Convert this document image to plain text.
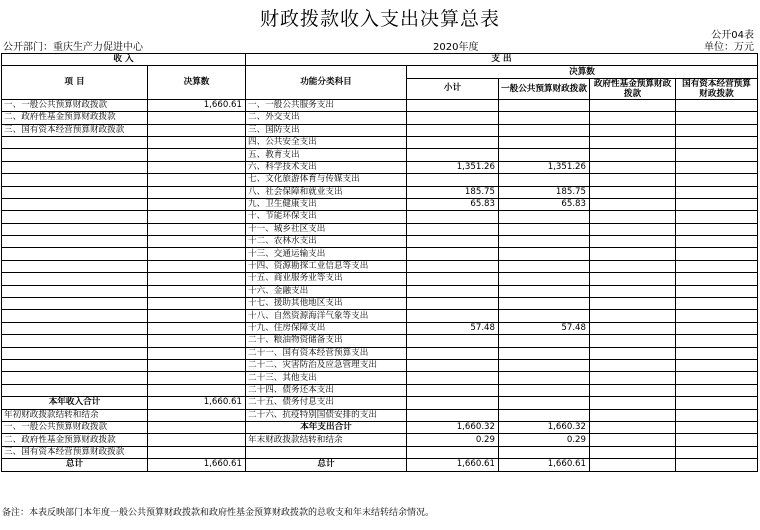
财政拨款收入支出决算总表
公开04表
公开部门：重庆生产力促进中心	2020年度	单位：万元
收 入		支 出				
项 目	决算数	功能分类科目	决算数			
			小计	一般公共预算财政拨款	政府性基金预算财政拨款	国有资本经营预算财政拨款

一、一般公共预算财政拨款	1,660.61	一、一般公共服务支出				
二、政府性基金预算财政拨款		二、外交支出				
三、国有资本经营预算财政拨款		三、国防支出				
		四、公共安全支出				
		五、教育支出				
		六、科学技术支出	1,351.26	1,351.26		
		七、文化旅游体育与传媒支出				
		八、社会保障和就业支出	185.75	185.75		
		九、卫生健康支出	65.83	65.83		
		十、节能环保支出				
		十一、城乡社区支出				
		十二、农林水支出				
		十三、交通运输支出				
		十四、资源勘探工业信息等支出				
		十五、商业服务业等支出				
		十六、金融支出				
		十七、援助其他地区支出				
		十八、自然资源海洋气象等支出				
		十九、住房保障支出	57.48	57.48		
		二十、粮油物资储备支出				
		二十一、国有资本经营预算支出				
		二十二、灾害防治及应急管理支出				
		二十三、其他支出				
		二十四、债务还本支出				
本年收入合计	1,660.61	二十五、债务付息支出				
年初财政拨款结转和结余		二十六、抗疫特别国债安排的支出				
一、一般公共预算财政拨款		本年支出合计	1,660.32	1,660.32		
二、政府性基金预算财政拨款		年末财政拨款结转和结余	0.29	0.29		
三、国有资本经营预算财政拨款						
总计	1,660.61	总计	1,660.61	1,660.61		
备注：本表反映部门本年度一般公共预算财政拨款和政府性基金预算财政拨款的总收支和年末结转结余情况。
